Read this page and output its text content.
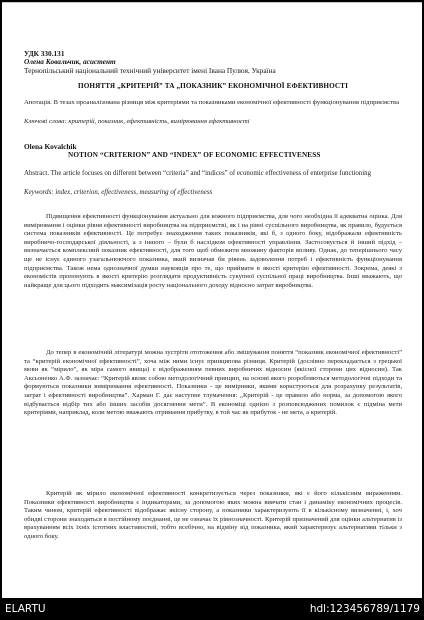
УДК 330.131
Олена Ковальчик, асистент
Тернопільський національний технічний університет імені Івана Пулюя, Україна
ПОНЯТТЯ „КРИТЕРІЙ” ТА „ПОКАЗНИК” ЕКОНОМІЧНОЇ ЕФЕКТИВНОСТІ
Анотація. В тезах проаналізована різниця між критеріями та показниками економічної ефективності функціонування підприємства
Ключові слова: критерій, показник, ефективність, вимірювання ефективності
Olena Kovalchik
NOTION “CRITERION” AND “INDEX” OF ECONOMIC EFFECTIVENESS
Abstract. The article focuses on different between “criteria” and “indices” of economic effectiveness of enterprise functioning
Keywords: index, criterion, effectiveness, measuring of effectiveness
Підвищення ефективності функціонування актуально для кожного підприємства, для чого необхідна її адекватна оцінка. Для вимірювання і оцінки рівня ефективності виробництва на підприємстві, як і на рівні суспільного виробництва, як правило, будується система показників ефективності. Це потребує знаходження таких показників, які б, з одного боку, відображали ефективність виробничо-господарської діяльності, а з іншого – були б наслідком ефективності управління. Застосовується й інший підхід – визначається комплексний показник ефективності, для того щоб обмежити множину факторів впливу. Однак, до теперішнього часу ще не існує єдиного узагальнюючого показника, який визначав би рівень задоволення потреб і ефективність функціонування підприємства. Також нема однозначної думки науковців про те, що приймати в якості критерію ефективності. Зокрема, деякі з економістів пропонують в якості критерію розглядати продуктивність сукупної суспільної праці виробництва. Інші вважають, що найкраще для цього підходить максимізація росту національного доходу відносно затрат виробництва.
До тепер в економічній літературі можна зустріти ототоження або змішування поняття “показник економічної ефективності” та “критерій економічної ефективності”, хоча між ними існує принципова різниця. Критерій (дослівно перекладається з грецької мови як “мірило”, як міра самого явища) є відображенням певних виробничих відносин (якісної сторони цих відносин). Так Аксьоненко А.Ф. зазначає: “Критерій являє собою методологічний принцип, на основі якого розробляються методологічні підходи та формуються показники вимірювання ефективності. Показники - це вимірники, якими користуються для розрахунку результатів, затрат і ефективності виробництва”. Харман Г. дає наступне тлумачення: „Критерій - це правило або норма, за допомогою якого відбувається відбір тих або інших засобів досягнення мети”. В економіці однією з розповсюджених помилок є підміна мети критеріями, наприклад, коли метою вважають отримання прибутку, в той час як прибуток - не мета, а критерій.
Критерій як мірило економічної ефективності конкретизується через показники, які є його кількісним вираженням. Показники ефективності виробництва є індикаторами, за допомогою яких можна вивчати стан і динаміку економічних процесів. Таким чином, критерій ефективності відображає якісну сторону, а показники характеризують її в кількісному визначенні, і, хоч обидві сторони знаходяться в постійному поєднанні, це не означає їх рівнозначності. Критерій призначений для оцінки альтернатив із врахуванням всіх їхніх істотних властивостей, тобто всебічно, на відміну від показника, який характеризує альтернативи тільки з одного боку.
ELARTU	hdl:123456789/1179
